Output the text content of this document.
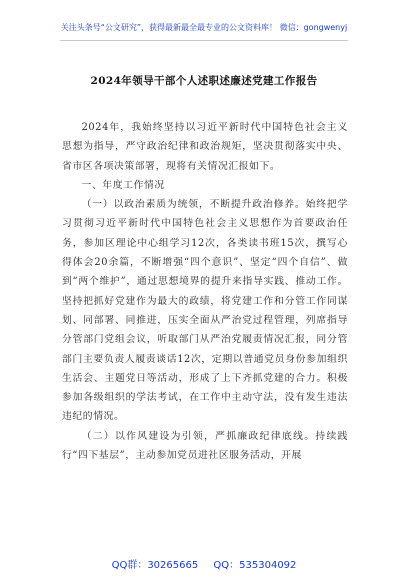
关注头条号“公文研究”，获得最新最全最专业的公文资料库！ 微信：gongwenyj
2024年领导干部个人述职述廉述党建工作报告

2024年，我始终坚持以习近平新时代中国特色社会主义思想为指导，严守政治纪律和政治规矩，坚决贯彻落实中央、省市区各项决策部署，现将有关情况汇报如下。

一、年度工作情况

（一）以政治素质为统领，不断提升政治修养。始终把学习贯彻习近平新时代中国特色社会主义思想作为首要政治任务，参加区理论中心组学习12次，各类读书班15次，撰写心得体会20余篇，不断增强“四个意识”、坚定“四个自信”、做到“两个维护”，通过思想境界的提升来指导实践、推动工作。坚持把抓好党建作为最大的政绩，将党建工作和分管工作同谋划、同部署、同推进，压实全面从严治党过程管理，列席指导分管部门党组会议，听取部门从严治党履责情况汇报，同分管部门主要负责人履责谈话12次，定期以普通党员身份参加组织生活会、主题党日等活动，形成了上下齐抓党建的合力。积极参加各级组织的学法考试，在工作中主动守法，没有发生违法违纪的情况。

（二）以作风建设为引领，严抓廉政纪律底线。持续践行“四下基层”，主动参加党员进社区服务活动，开展

QQ群：30265665 QQ：535304092
